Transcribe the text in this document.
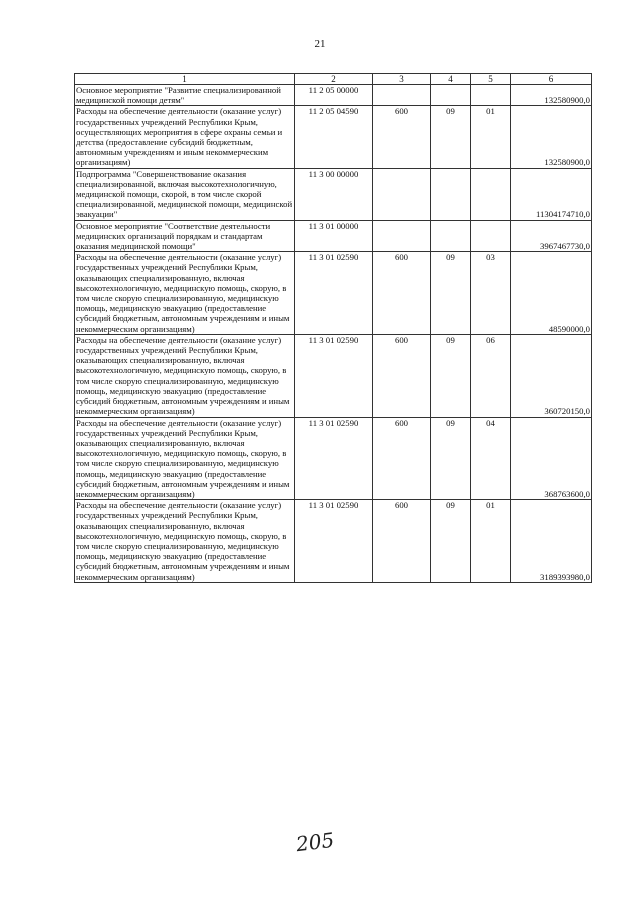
21
1	2	3	4	5	6
Основное мероприятие "Развитие специализированной медицинской помощи детям"	11 2 05 00000				132580900,0
Расходы на обеспечение деятельности (оказание услуг) государственных учреждений Республики Крым, осуществляющих мероприятия в сфере охраны семьи и детства (предоставление субсидий бюджетным, автономным учреждениям и иным некоммерческим организациям)	11 2 05 04590	600	09	01	132580900,0
Подпрограмма "Совершенствование оказания специализированной, включая высокотехнологичную, медицинской помощи, скорой, в том числе скорой специализированной, медицинской помощи, медицинской эвакуации"	11 3 00 00000				11304174710,0
Основное мероприятие "Соответствие деятельности медицинских организаций порядкам и стандартам оказания медицинской помощи"	11 3 01 00000				3967467730,0
Расходы на обеспечение деятельности (оказание услуг) государственных учреждений Республики Крым, оказывающих специализированную, включая высокотехнологичную, медицинскую помощь, скорую, в том числе скорую специализированную, медицинскую помощь, медицинскую эвакуацию (предоставление субсидий бюджетным, автономным учреждениям и иным некоммерческим организациям)	11 3 01 02590	600	09	03	48590000,0
Расходы на обеспечение деятельности (оказание услуг) государственных учреждений Республики Крым, оказывающих специализированную, включая высокотехнологичную, медицинскую помощь, скорую, в том числе скорую специализированную, медицинскую помощь, медицинскую эвакуацию (предоставление субсидий бюджетным, автономным учреждениям и иным некоммерческим организациям)	11 3 01 02590	600	09	06	360720150,0
Расходы на обеспечение деятельности (оказание услуг) государственных учреждений Республики Крым, оказывающих специализированную, включая высокотехнологичную, медицинскую помощь, скорую, в том числе скорую специализированную, медицинскую помощь, медицинскую эвакуацию (предоставление субсидий бюджетным, автономным учреждениям и иным некоммерческим организациям)	11 3 01 02590	600	09	04	368763600,0
Расходы на обеспечение деятельности (оказание услуг) государственных учреждений Республики Крым, оказывающих специализированную, включая высокотехнологичную, медицинскую помощь, скорую, в том числе скорую специализированную, медицинскую помощь, медицинскую эвакуацию (предоставление субсидий бюджетным, автономным учреждениям и иным некоммерческим организациям)	11 3 01 02590	600	09	01	3189393980,0
205
